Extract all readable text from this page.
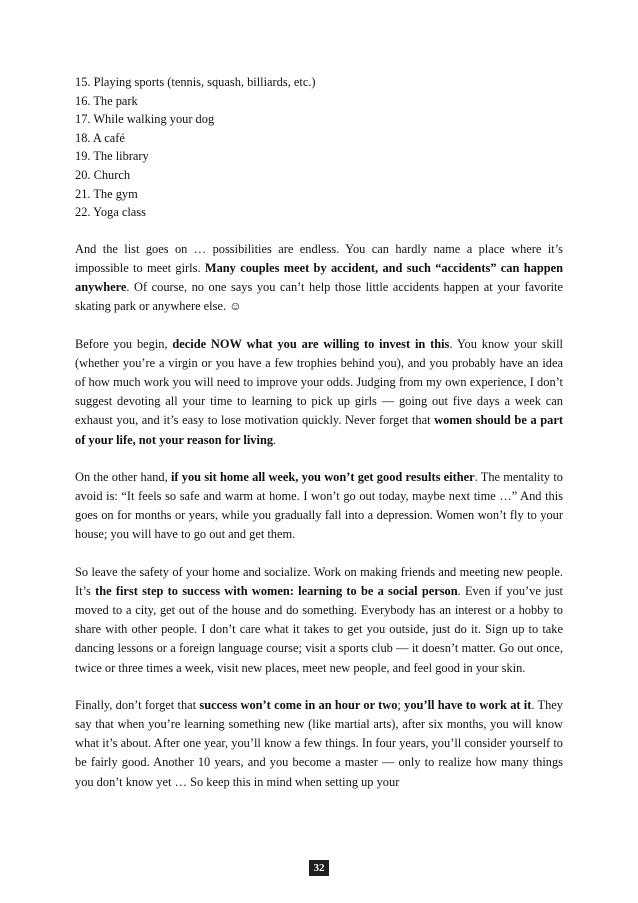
15. Playing sports (tennis, squash, billiards, etc.)

16. The park

17. While walking your dog

18. A café

19. The library

20. Church

21. The gym

22. Yoga class

And the list goes on … possibilities are endless. You can hardly name a place where it’s impossible to meet girls. Many couples meet by accident, and such “accidents” can happen anywhere. Of course, no one says you can’t help those little accidents happen at your favorite skating park or anywhere else. ☺

Before you begin, decide NOW what you are willing to invest in this. You know your skill (whether you’re a virgin or you have a few trophies behind you), and you probably have an idea of how much work you will need to improve your odds. Judging from my own experience, I don’t suggest devoting all your time to learning to pick up girls — going out five days a week can exhaust you, and it’s easy to lose motivation quickly. Never forget that women should be a part of your life, not your reason for living.

On the other hand, if you sit home all week, you won’t get good results either. The mentality to avoid is: “It feels so safe and warm at home. I won’t go out today, maybe next time …” And this goes on for months or years, while you gradually fall into a depression. Women won’t fly to your house; you will have to go out and get them.

So leave the safety of your home and socialize. Work on making friends and meeting new people. It’s the first step to success with women: learning to be a social person. Even if you’ve just moved to a city, get out of the house and do something. Everybody has an interest or a hobby to share with other people. I don’t care what it takes to get you outside, just do it. Sign up to take dancing lessons or a foreign language course; visit a sports club — it doesn’t matter. Go out once, twice or three times a week, visit new places, meet new people, and feel good in your skin.

Finally, don’t forget that success won’t come in an hour or two; you’ll have to work at it. They say that when you’re learning something new (like martial arts), after six months, you will know what it’s about. After one year, you’ll know a few things. In four years, you’ll consider yourself to be fairly good. Another 10 years, and you become a master — only to realize how many things you don’t know yet … So keep this in mind when setting up your

32
